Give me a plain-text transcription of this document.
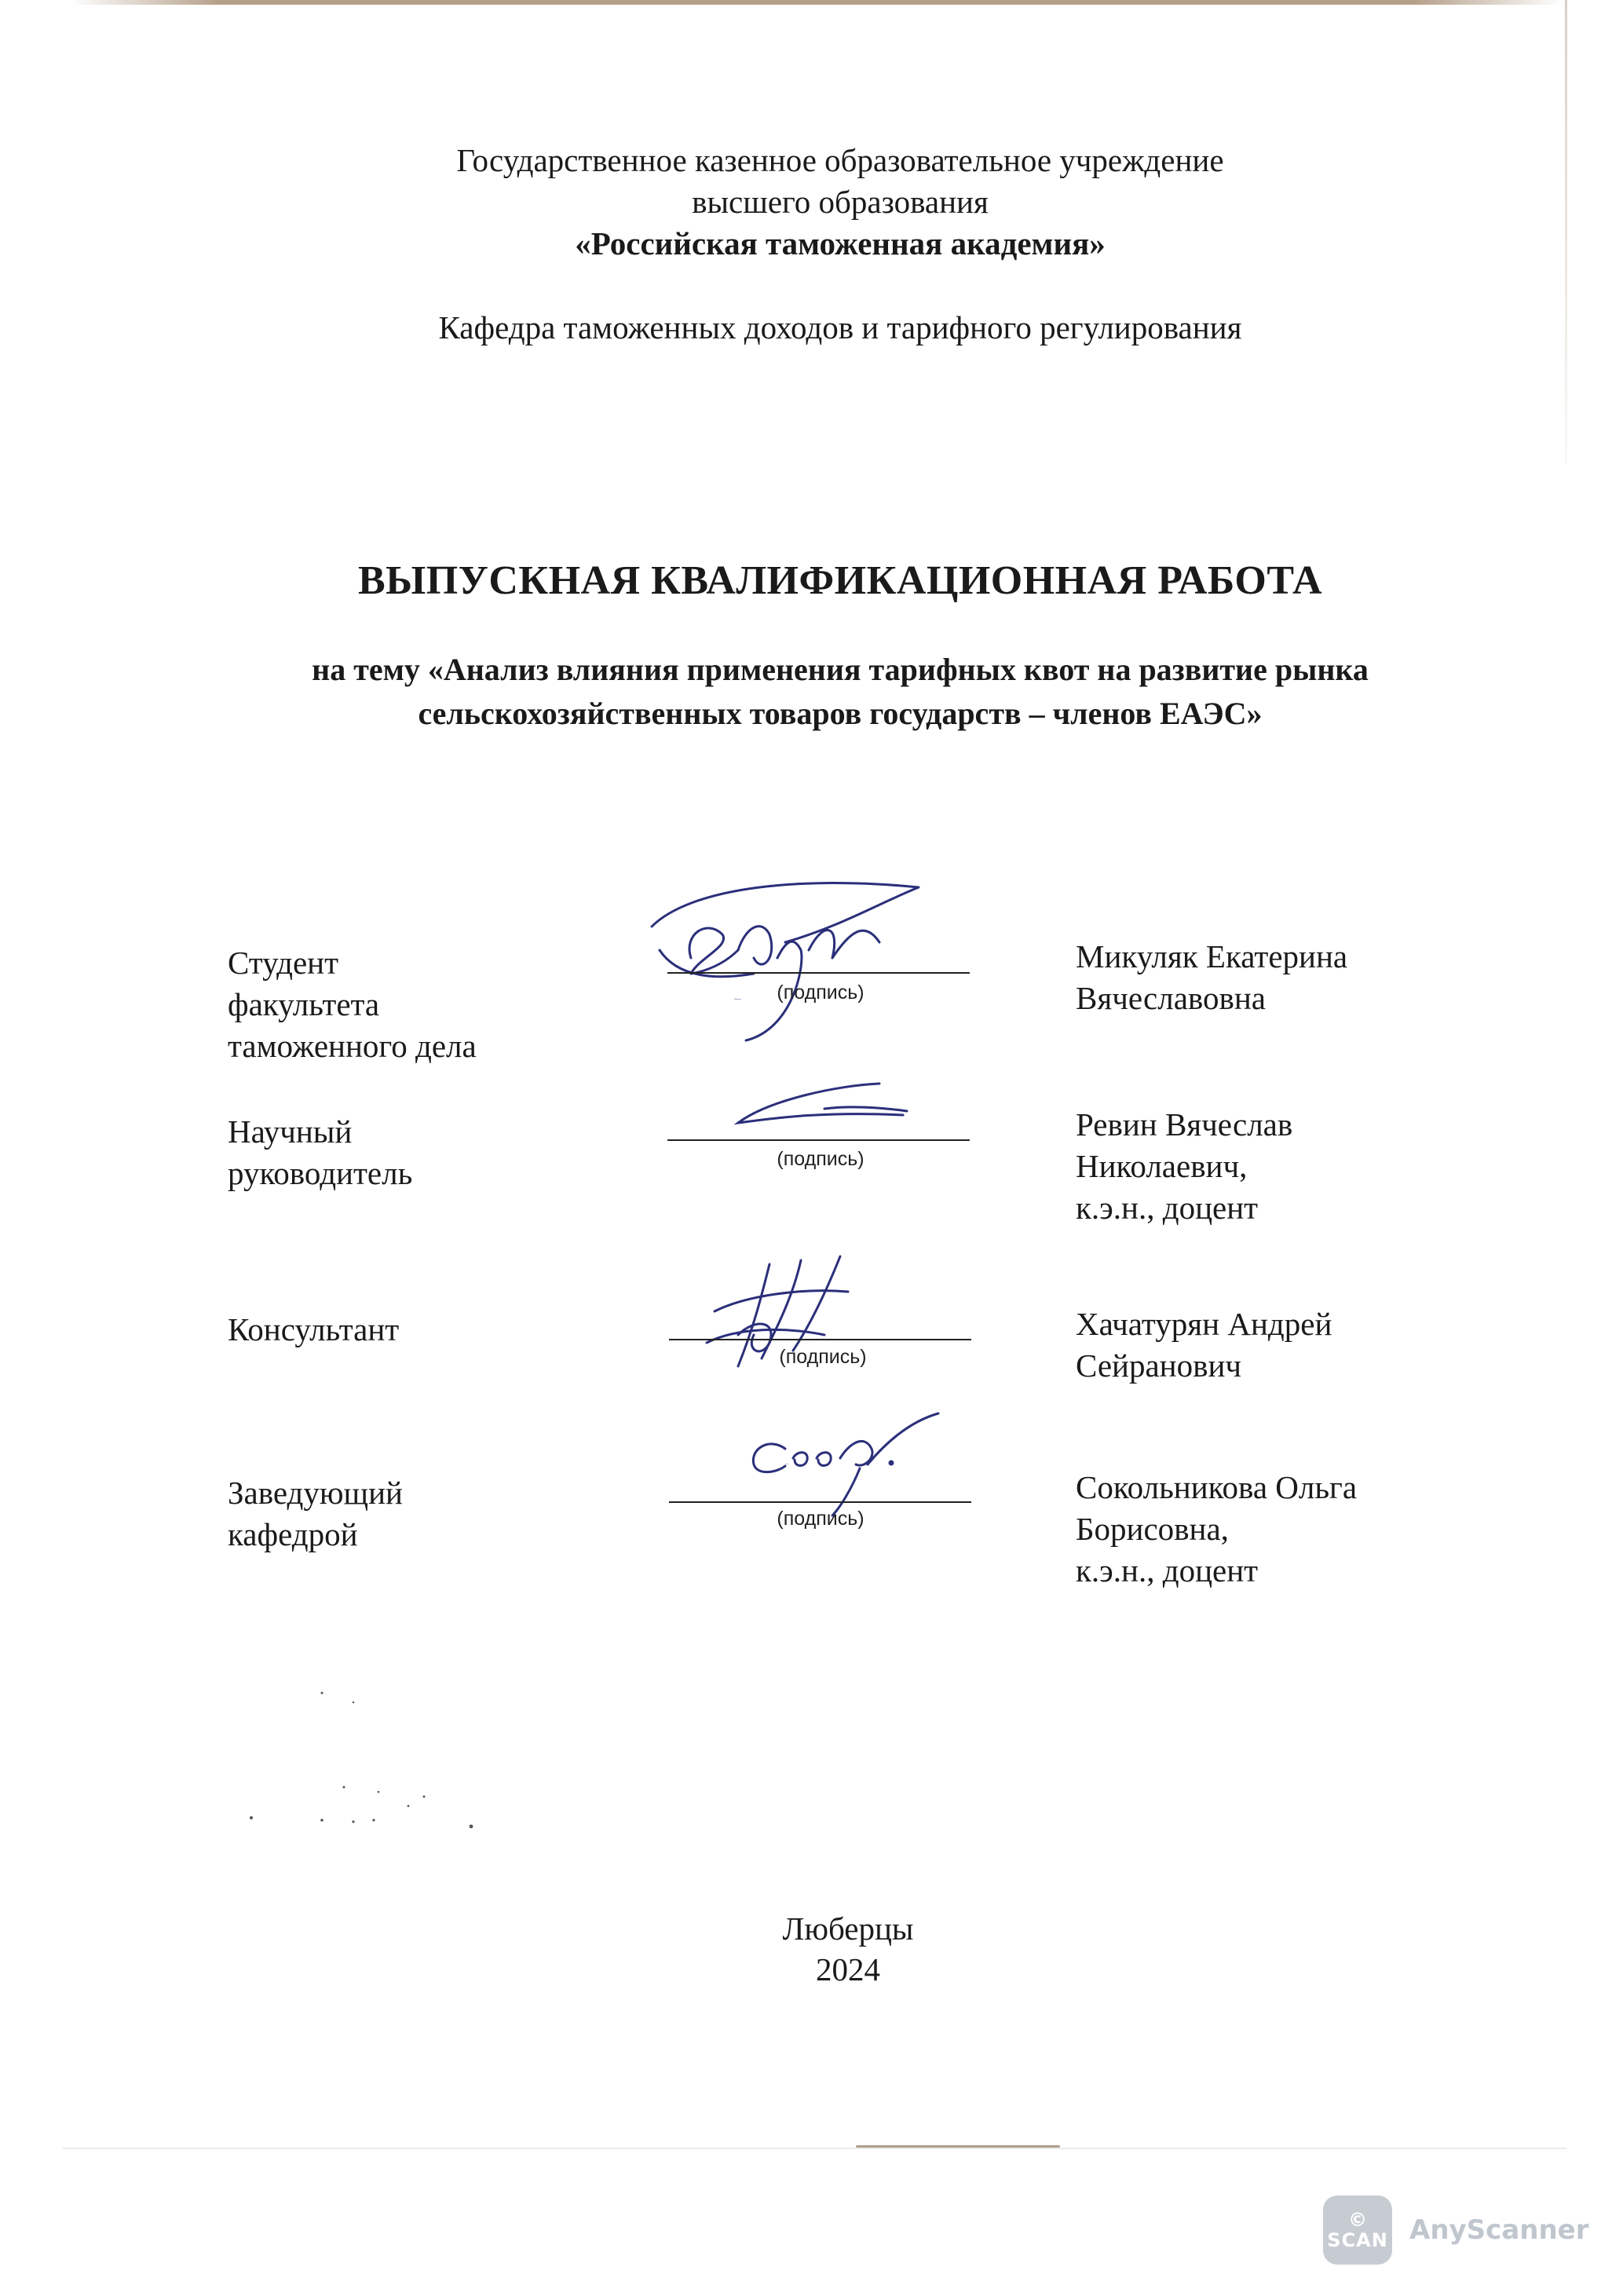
Государственное казенное образовательное учреждение
высшего образования
«Российская таможенная академия»
Кафедра таможенных доходов и тарифного регулирования
ВЫПУСКНАЯ КВАЛИФИКАЦИОННАЯ РАБОТА
на тему «Анализ влияния применения тарифных квот на развитие рынка
сельскохозяйственных товаров государств – членов ЕАЭС»
Студент
факультета
таможенного дела
ЕМикуляк	(подпись)
Микуляк Екатерина
Вячеславовна
Научный
руководитель	(подпись)
Ревин Вячеслав
Николаевич,
к.э.н., доцент
Консультант
(подпись)
Хачатурян Андрей
Сейранович
Заведующий
кафедрой
Соол
(подпись)
Сокольникова Ольга
Борисовна,
к.э.н., доцент
Люберцы
2024
©
SCAN AnyScanner
